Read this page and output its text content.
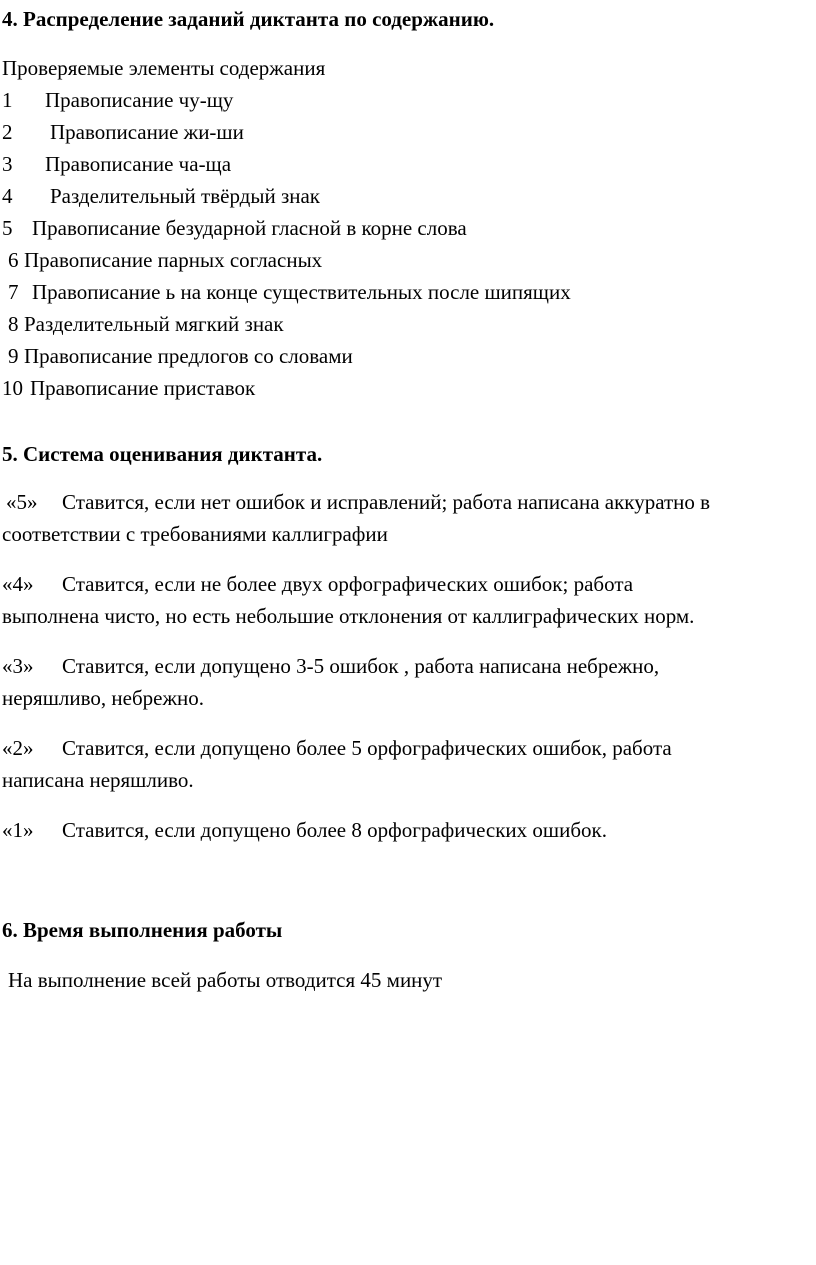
4. Распределение заданий диктанта по содержанию.
Проверяемые элементы содержания
1 Правописание чу-щу
2 Правописание жи-ши
3 Правописание ча-ща
4 Разделительный твёрдый знак
5 Правописание безударной гласной в корне слова
6 Правописание парных согласных
7 Правописание ь на конце существительных после шипящих
8 Разделительный мягкий знак
9 Правописание предлогов со словами
10 Правописание приставок
5. Система оценивания диктанта.
«5» Ставится, если нет ошибок и исправлений; работа написана аккуратно в
соответствии с требованиями каллиграфии
«4» Ставится, если не более двух орфографических ошибок; работа
выполнена чисто, но есть небольшие отклонения от каллиграфических норм.
«3» Ставится, если допущено 3-5 ошибок , работа написана небрежно,
неряшливо, небрежно.
«2» Ставится, если допущено более 5 орфографических ошибок, работа
написана неряшливо.
«1» Ставится, если допущено более 8 орфографических ошибок.
6. Время выполнения работы
На выполнение всей работы отводится 45 минут
